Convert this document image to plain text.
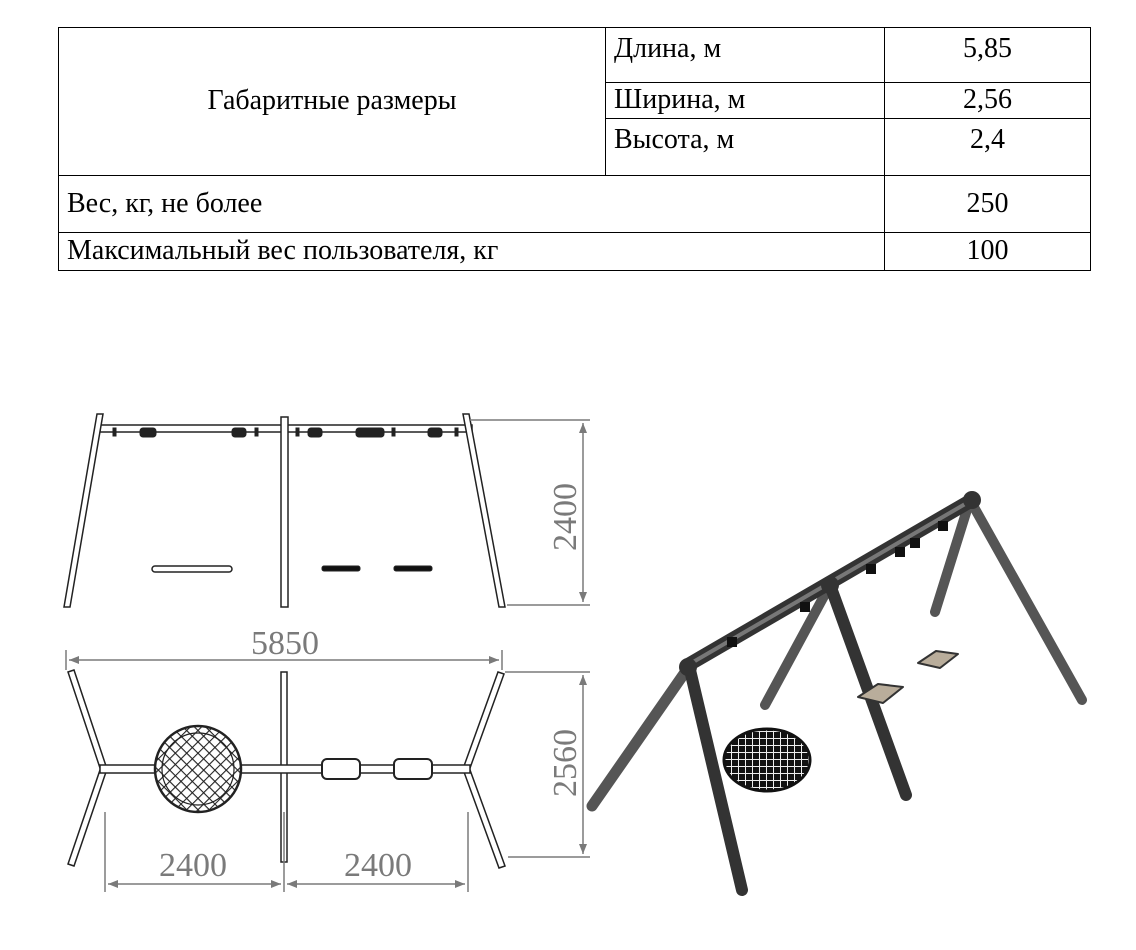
Габаритные размеры	Длина, м	5,85
	Ширина, м	2,56
	Высота, м	2,4
Вес, кг, не более		250
Максимальный вес пользователя, кг		100
2400
5850
2560
2400	2400
